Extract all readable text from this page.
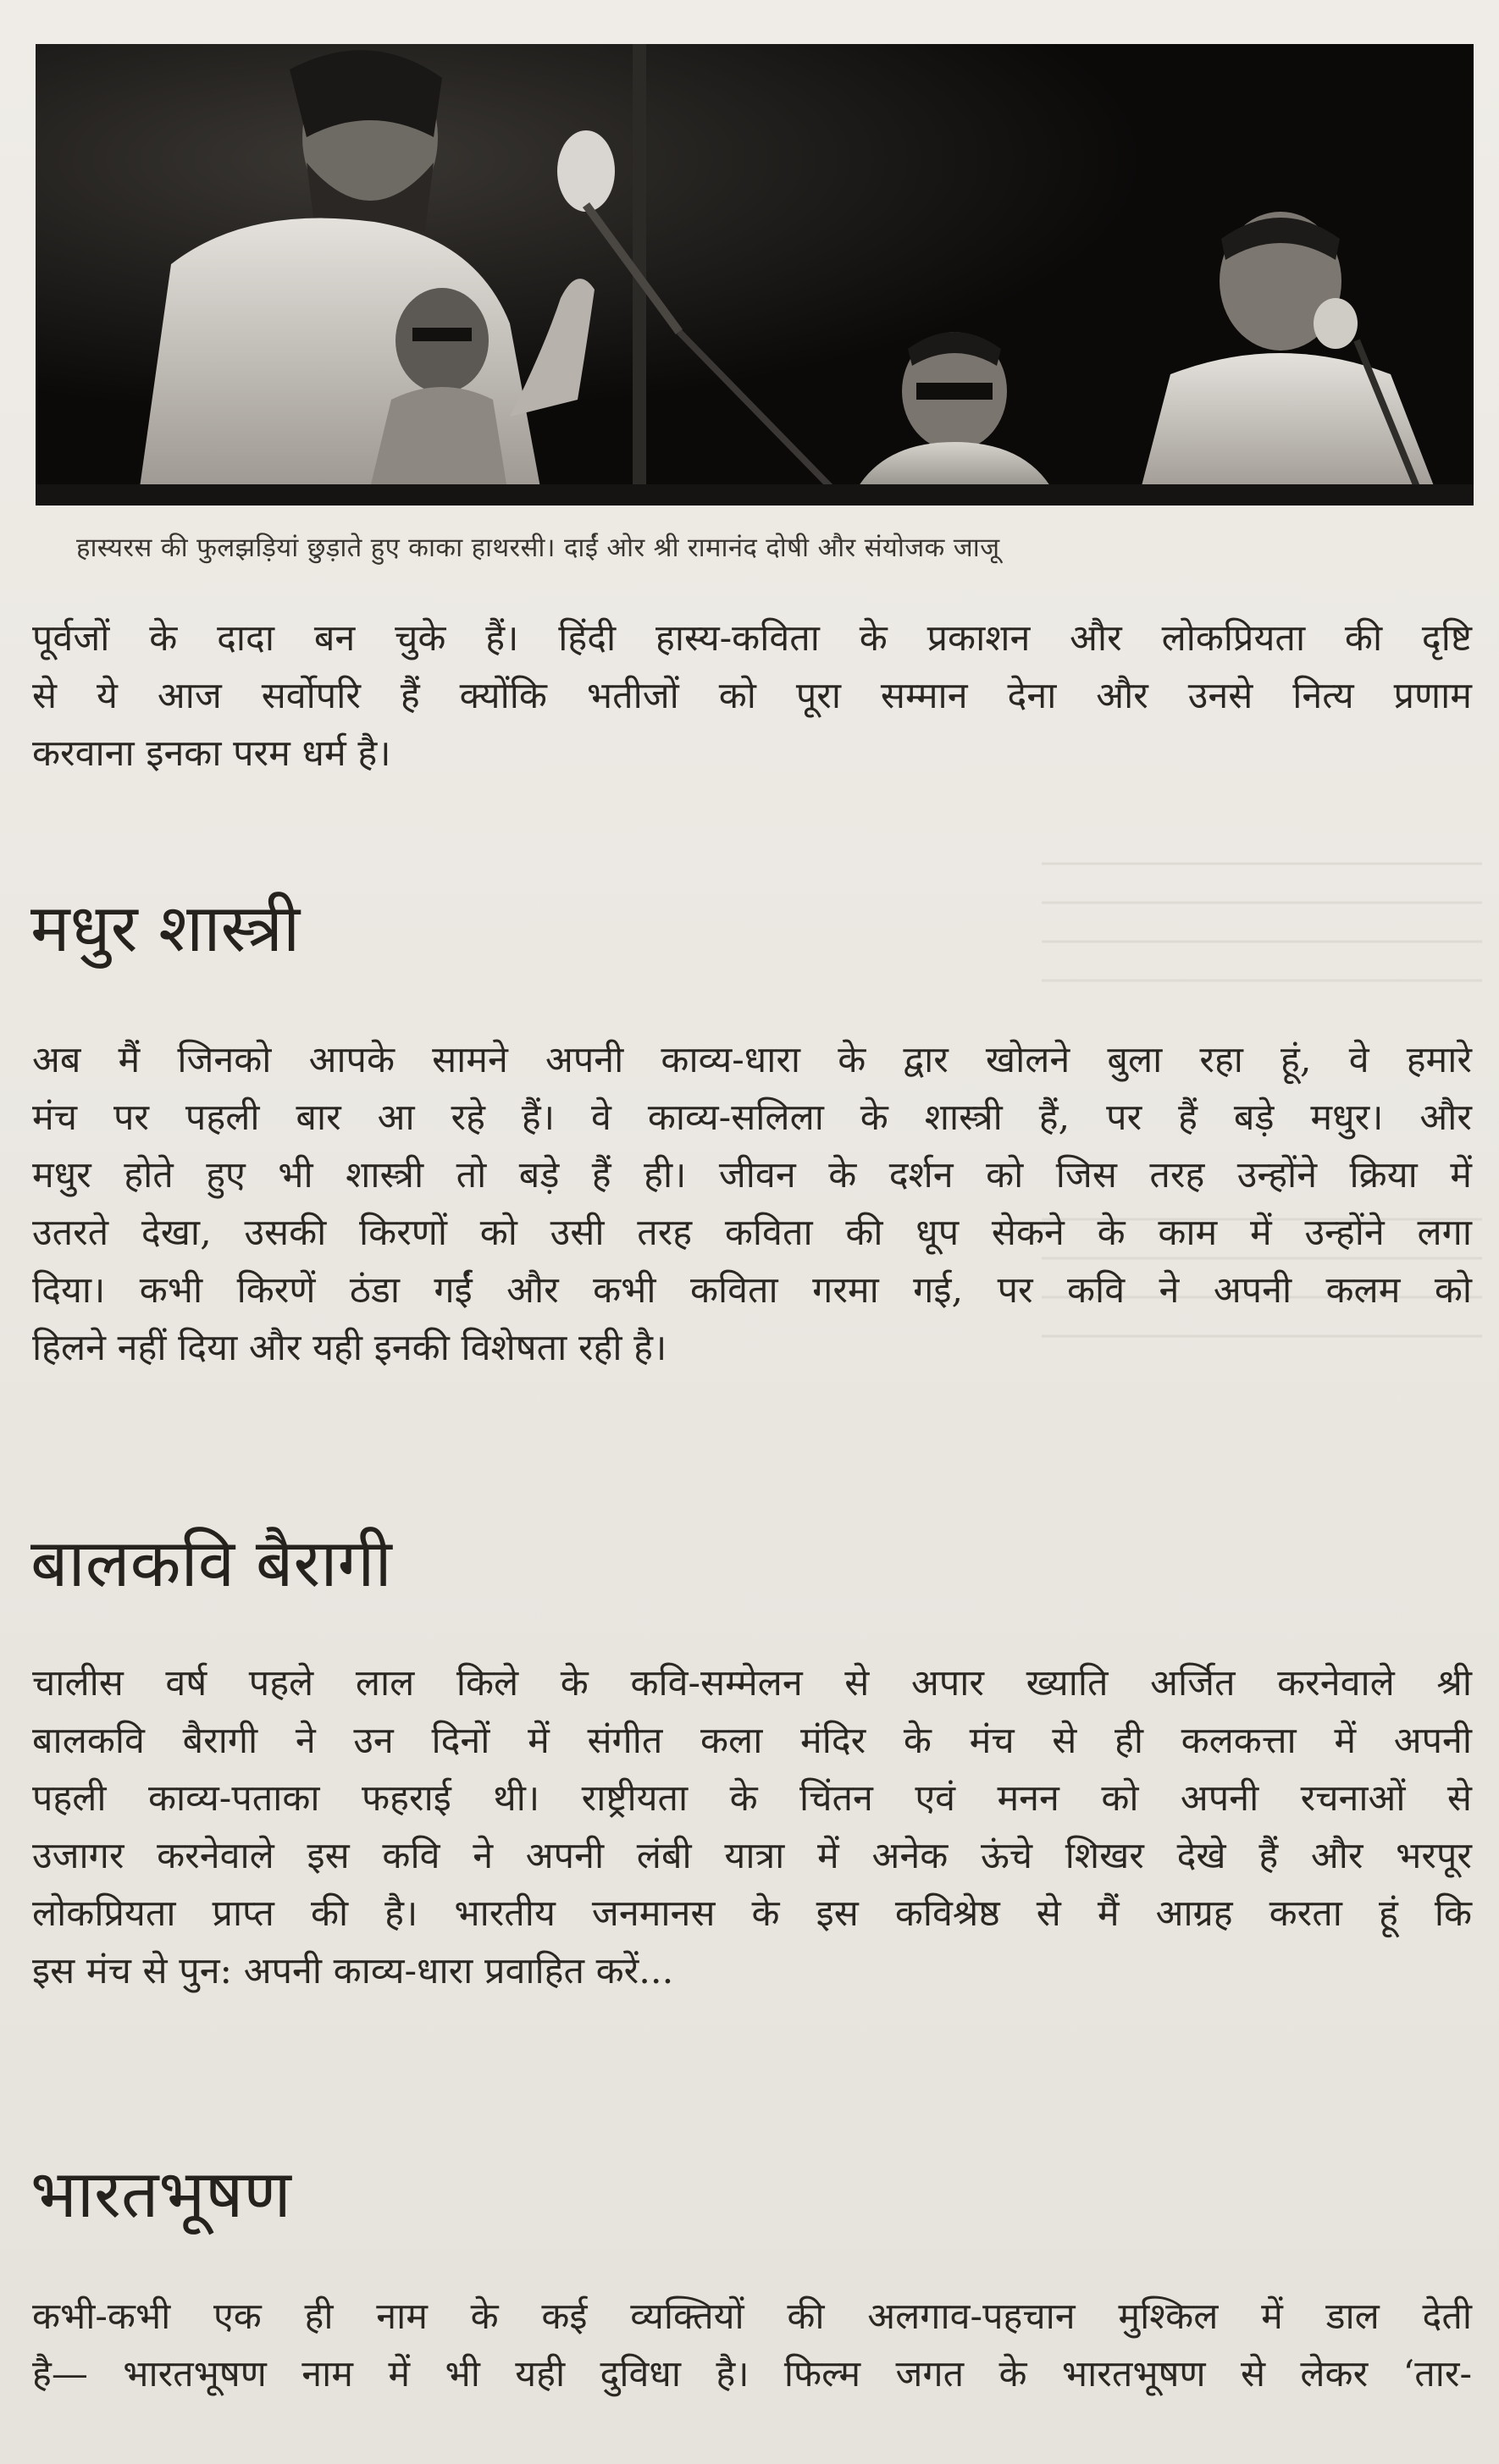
हास्यरस की फुलझड़ियां छुड़ाते हुए काका हाथरसी। दाईं ओर श्री रामानंद दोषी और संयोजक जाजू

पूर्वजों के दादा बन चुके हैं। हिंदी हास्य-कविता के प्रकाशन और लोकप्रियता की दृष्टि
से ये आज सर्वोपरि हैं क्योंकि भतीजों को पूरा सम्मान देना और उनसे नित्य प्रणाम
करवाना इनका परम धर्म है।

मधुर शास्त्री

अब मैं जिनको आपके सामने अपनी काव्य-धारा के द्वार खोलने बुला रहा हूं, वे हमारे
मंच पर पहली बार आ रहे हैं। वे काव्य-सलिला के शास्त्री हैं, पर हैं बड़े मधुर। और
मधुर होते हुए भी शास्त्री तो बड़े हैं ही। जीवन के दर्शन को जिस तरह उन्होंने क्रिया में
उतरते देखा, उसकी किरणों को उसी तरह कविता की धूप सेकने के काम में उन्होंने लगा
दिया। कभी किरणें ठंडा गईं और कभी कविता गरमा गई, पर कवि ने अपनी कलम को
हिलने नहीं दिया और यही इनकी विशेषता रही है।

बालकवि बैरागी

चालीस वर्ष पहले लाल किले के कवि-सम्मेलन से अपार ख्याति अर्जित करनेवाले श्री
बालकवि बैरागी ने उन दिनों में संगीत कला मंदिर के मंच से ही कलकत्ता में अपनी
पहली काव्य-पताका फहराई थी। राष्ट्रीयता के चिंतन एवं मनन को अपनी रचनाओं से
उजागर करनेवाले इस कवि ने अपनी लंबी यात्रा में अनेक ऊंचे शिखर देखे हैं और भरपूर
लोकप्रियता प्राप्त की है। भारतीय जनमानस के इस कविश्रेष्ठ से मैं आग्रह करता हूं कि
इस मंच से पुन: अपनी काव्य-धारा प्रवाहित करें...

भारतभूषण

कभी-कभी एक ही नाम के कई व्यक्तियों की अलगाव-पहचान मुश्किल में डाल देती
है— भारतभूषण नाम में भी यही दुविधा है। फिल्म जगत के भारतभूषण से लेकर ‘तार-
